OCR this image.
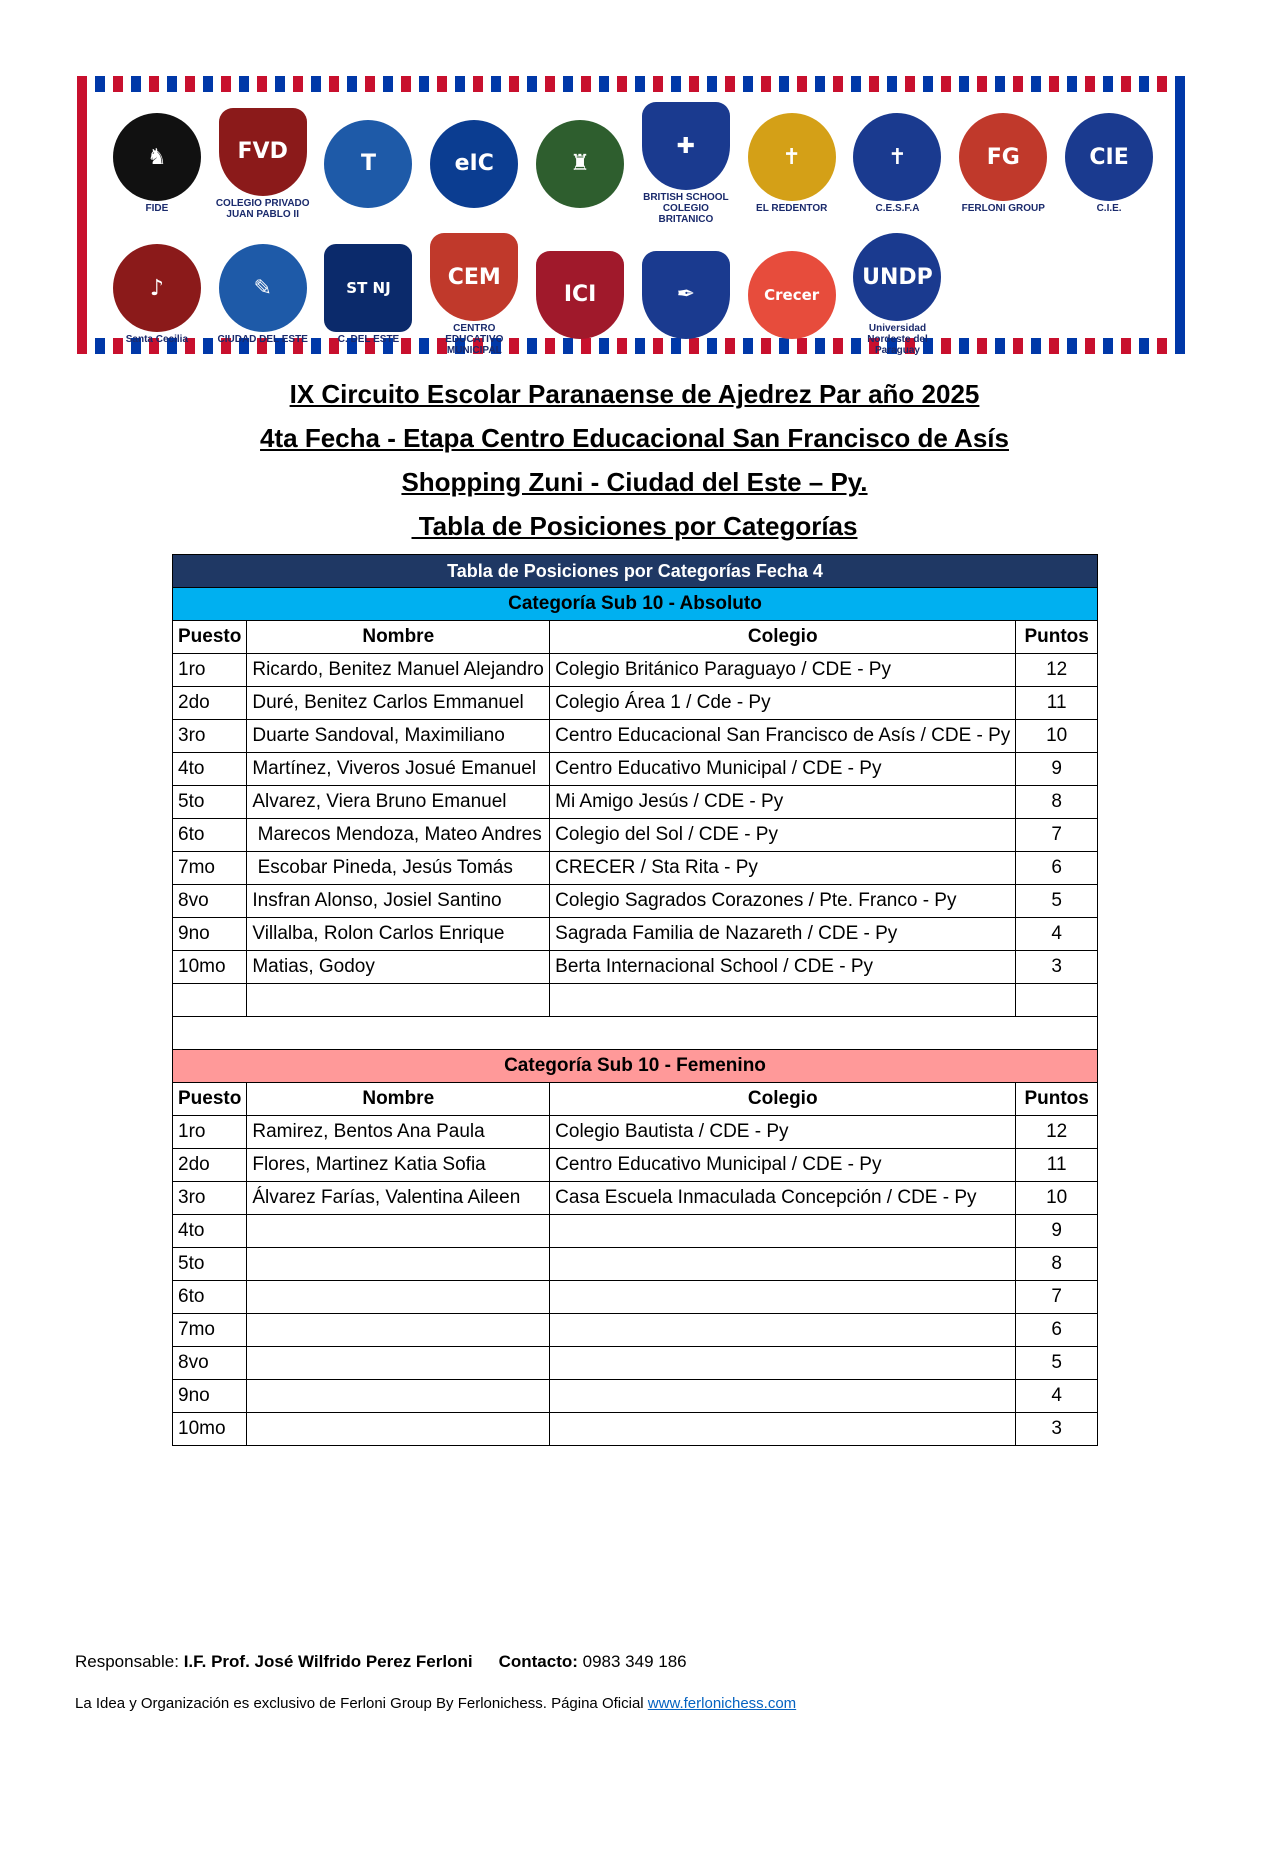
♞
FIDE
FVD
COLEGIO PRIVADO JUAN PABLO II
T	eIC	♜
✚
BRITISH SCHOOL COLEGIO BRITANICO
✝
EL REDENTOR
✝
C.E.S.F.A
FG
FERLONI GROUP
CIE
C.I.E.
♪
Santa Cecilia
✎
CIUDAD DEL ESTE
ST NJ
C. DEL ESTE
CEM
CENTRO EDUCATIVO MUNICIPAL
ICI	✒	Crecer
UNDP
Universidad Nordeste del Paraguay
IX Circuito Escolar Paranaense de Ajedrez Par año 2025
4ta Fecha - Etapa Centro Educacional San Francisco de Asís
Shopping Zuni - Ciudad del Este – Py.
Tabla de Posiciones por Categorías
Tabla de Posiciones por Categorías Fecha 4			
Categoría Sub 10 - Absoluto			
Puesto	Nombre	Colegio	Puntos
1ro	Ricardo, Benitez Manuel Alejandro	Colegio Británico Paraguayo / CDE - Py	12
2do	Duré, Benitez Carlos Emmanuel	Colegio Área 1 / Cde - Py	11
3ro	Duarte Sandoval, Maximiliano	Centro Educacional San Francisco de Asís / CDE - Py	10
4to	Martínez, Viveros Josué Emanuel	Centro Educativo Municipal / CDE - Py	9
5to	Alvarez, Viera Bruno Emanuel	Mi Amigo Jesús / CDE - Py	8
6to	Marecos Mendoza, Mateo Andres	Colegio del Sol / CDE - Py	7
7mo	Escobar Pineda, Jesús Tomás	CRECER / Sta Rita - Py	6
8vo	Insfran Alonso, Josiel Santino	Colegio Sagrados Corazones / Pte. Franco - Py	5
9no	Villalba, Rolon Carlos Enrique	Sagrada Familia de Nazareth / CDE - Py	4
10mo	Matias, Godoy	Berta Internacional School / CDE - Py	3

Categoría Sub 10 - Femenino			
Puesto	Nombre	Colegio	Puntos
1ro	Ramirez, Bentos Ana Paula	Colegio Bautista / CDE - Py	12
2do	Flores, Martinez Katia Sofia	Centro Educativo Municipal / CDE - Py	11
3ro	Álvarez Farías, Valentina Aileen	Casa Escuela Inmaculada Concepción / CDE - Py	10
4to			9
5to			8
6to			7
7mo			6
8vo			5
9no			4
10mo			3
Responsable: I.F. Prof. José Wilfrido Perez Ferloni Contacto: 0983 349 186
La Idea y Organización es exclusivo de Ferloni Group By Ferlonichess. Página Oficial www.ferlonichess.com
